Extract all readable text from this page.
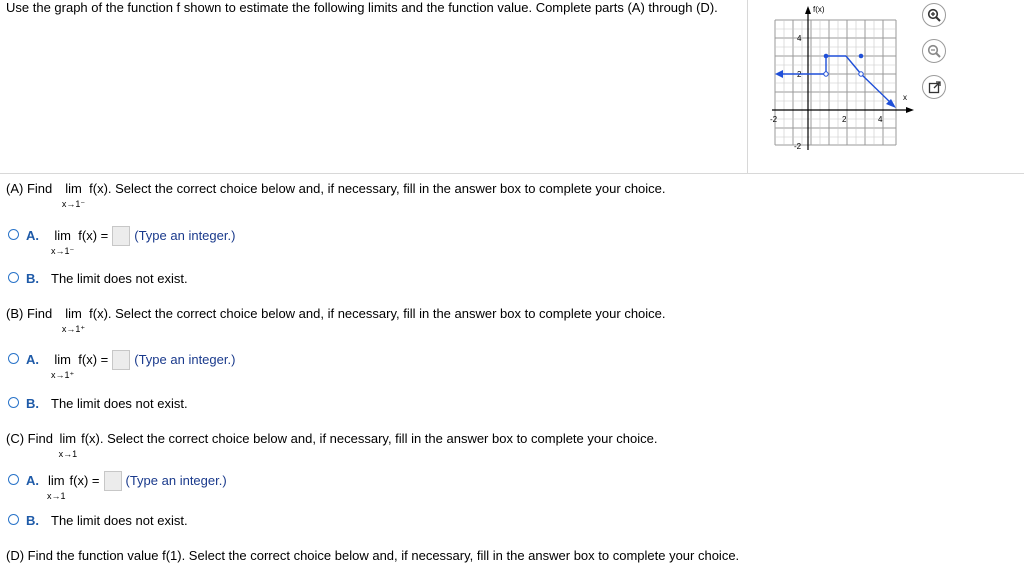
Use the graph of the function f shown to estimate the following limits and the function value. Complete parts (A) through (D).	f(x)
x
-2	2	4
4
2
-2
(A) Find lim
x→1⁻
f(x). Select the correct choice below and, if necessary, fill in the answer box to complete your choice.
A. lim
x→1⁻
f(x) = (Type an integer.)
B. The limit does not exist.
(B) Find lim
x→1⁺
f(x). Select the correct choice below and, if necessary, fill in the answer box to complete your choice.
A. lim
x→1⁺
f(x) = (Type an integer.)
B. The limit does not exist.
(C) Find lim
x→1
f(x). Select the correct choice below and, if necessary, fill in the answer box to complete your choice.
A. lim
x→1
f(x) = (Type an integer.)
B. The limit does not exist.
(D) Find the function value f(1). Select the correct choice below and, if necessary, fill in the answer box to complete your choice.
